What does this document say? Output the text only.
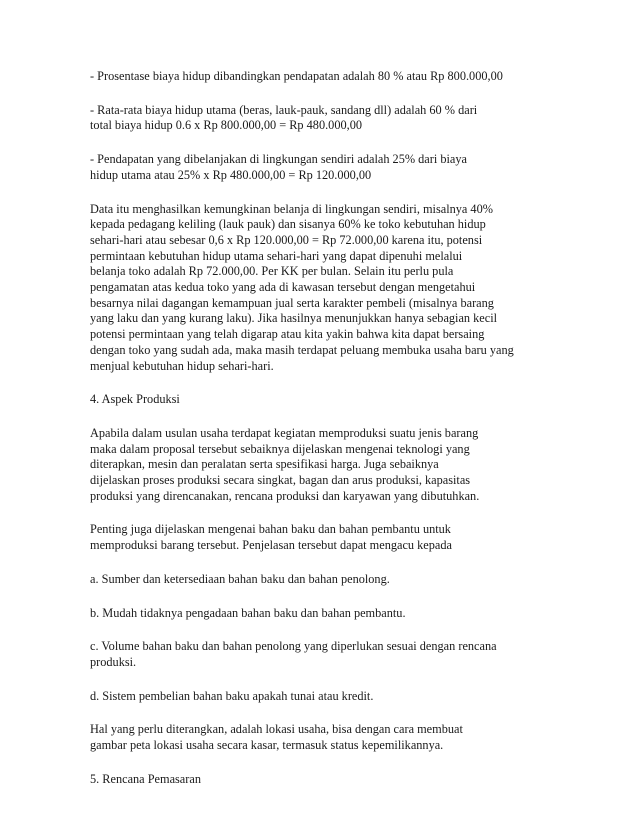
- Prosentase biaya hidup dibandingkan pendapatan adalah 80 % atau Rp 800.000,00

- Rata-rata biaya hidup utama (beras, lauk-pauk, sandang dll) adalah 60 % dari
total biaya hidup 0.6 x Rp 800.000,00 = Rp 480.000,00

- Pendapatan yang dibelanjakan di lingkungan sendiri adalah 25% dari biaya
hidup utama atau 25% x Rp 480.000,00 = Rp 120.000,00

Data itu menghasilkan kemungkinan belanja di lingkungan sendiri, misalnya 40%
kepada pedagang keliling (lauk pauk) dan sisanya 60% ke toko kebutuhan hidup
sehari-hari atau sebesar 0,6 x Rp 120.000,00 = Rp 72.000,00 karena itu, potensi
permintaan kebutuhan hidup utama sehari-hari yang dapat dipenuhi melalui
belanja toko adalah Rp 72.000,00. Per KK per bulan. Selain itu perlu pula
pengamatan atas kedua toko yang ada di kawasan tersebut dengan mengetahui
besarnya nilai dagangan kemampuan jual serta karakter pembeli (misalnya barang
yang laku dan yang kurang laku). Jika hasilnya menunjukkan hanya sebagian kecil
potensi permintaan yang telah digarap atau kita yakin bahwa kita dapat bersaing
dengan toko yang sudah ada, maka masih terdapat peluang membuka usaha baru yang
menjual kebutuhan hidup sehari-hari.

4. Aspek Produksi

Apabila dalam usulan usaha terdapat kegiatan memproduksi suatu jenis barang
maka dalam proposal tersebut sebaiknya dijelaskan mengenai teknologi yang
diterapkan, mesin dan peralatan serta spesifikasi harga. Juga sebaiknya
dijelaskan proses produksi secara singkat, bagan dan arus produksi, kapasitas
produksi yang direncanakan, rencana produksi dan karyawan yang dibutuhkan.

Penting juga dijelaskan mengenai bahan baku dan bahan pembantu untuk
memproduksi barang tersebut. Penjelasan tersebut dapat mengacu kepada

a. Sumber dan ketersediaan bahan baku dan bahan penolong.

b. Mudah tidaknya pengadaan bahan baku dan bahan pembantu.

c. Volume bahan baku dan bahan penolong yang diperlukan sesuai dengan rencana
produksi.

d. Sistem pembelian bahan baku apakah tunai atau kredit.

Hal yang perlu diterangkan, adalah lokasi usaha, bisa dengan cara membuat
gambar peta lokasi usaha secara kasar, termasuk status kepemilikannya.

5. Rencana Pemasaran
